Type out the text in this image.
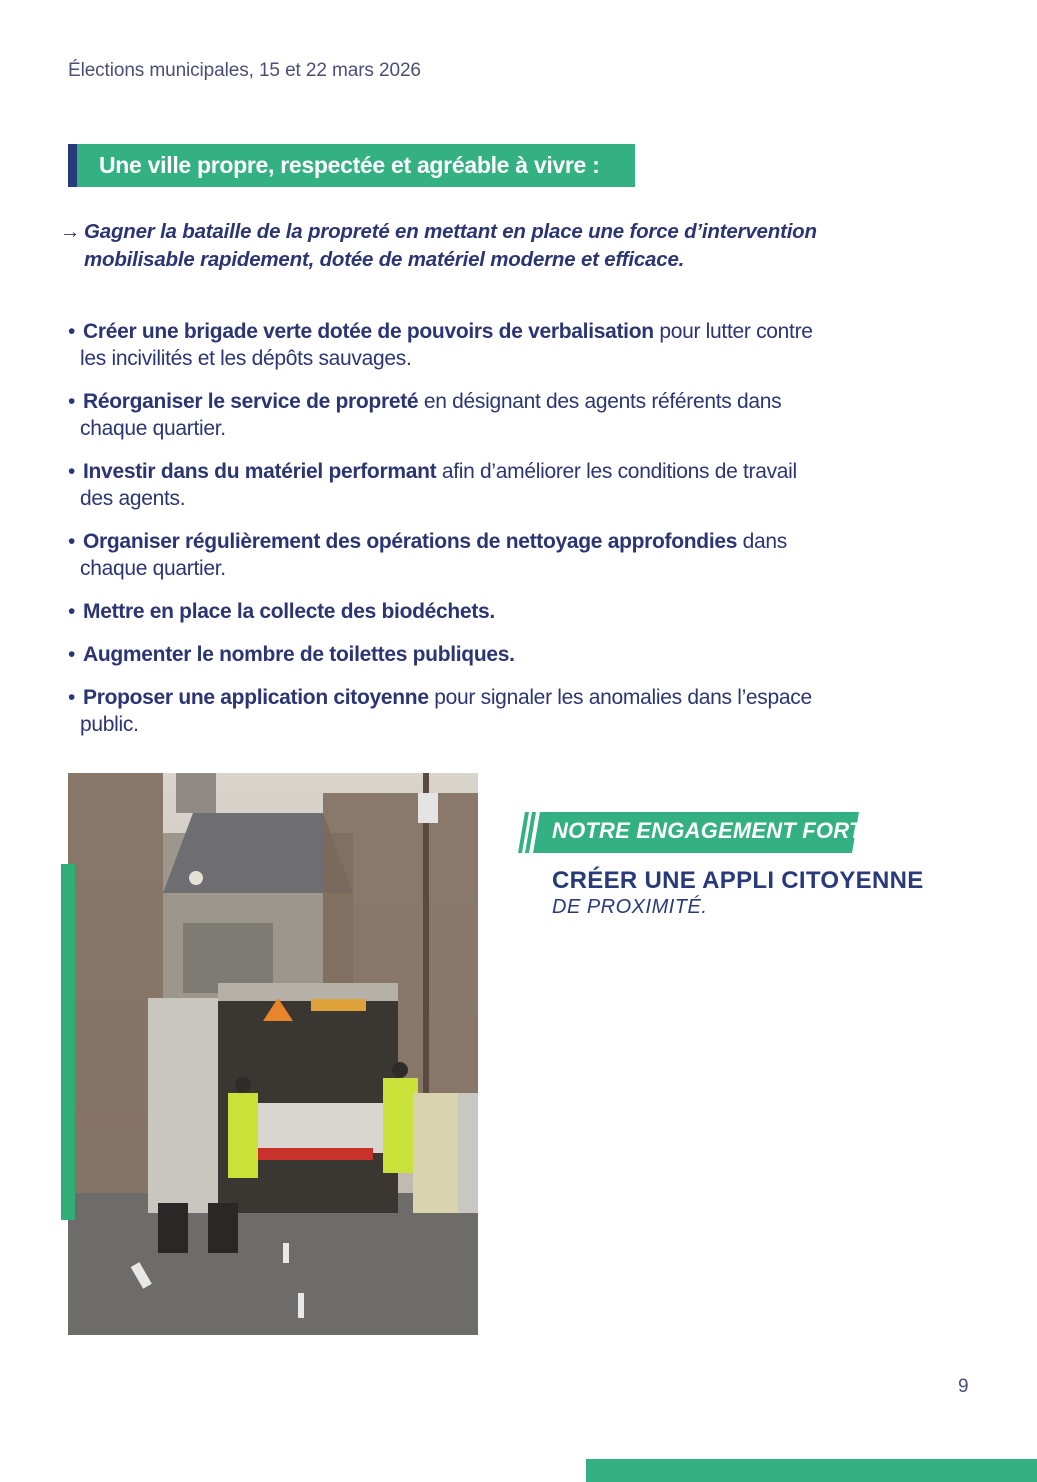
Élections municipales, 15 et 22 mars 2026
Une ville propre, respectée et agréable à vivre :
→ Gagner la bataille de la propreté en mettant en place une force d’intervention mobilisable rapidement, dotée de matériel moderne et efficace.
• Créer une brigade verte dotée de pouvoirs de verbalisation pour lutter contre les incivilités et les dépôts sauvages.
• Réorganiser le service de propreté en désignant des agents référents dans chaque quartier.
• Investir dans du matériel performant afin d’améliorer les conditions de travail des agents.
• Organiser régulièrement des opérations de nettoyage approfondies dans chaque quartier.
• Mettre en place la collecte des biodéchets.
• Augmenter le nombre de toilettes publiques.
• Proposer une application citoyenne pour signaler les anomalies dans l’espace public.
NOTRE ENGAGEMENT FORT :
CRÉER UNE APPLI CITOYENNE
DE PROXIMITÉ.
9
